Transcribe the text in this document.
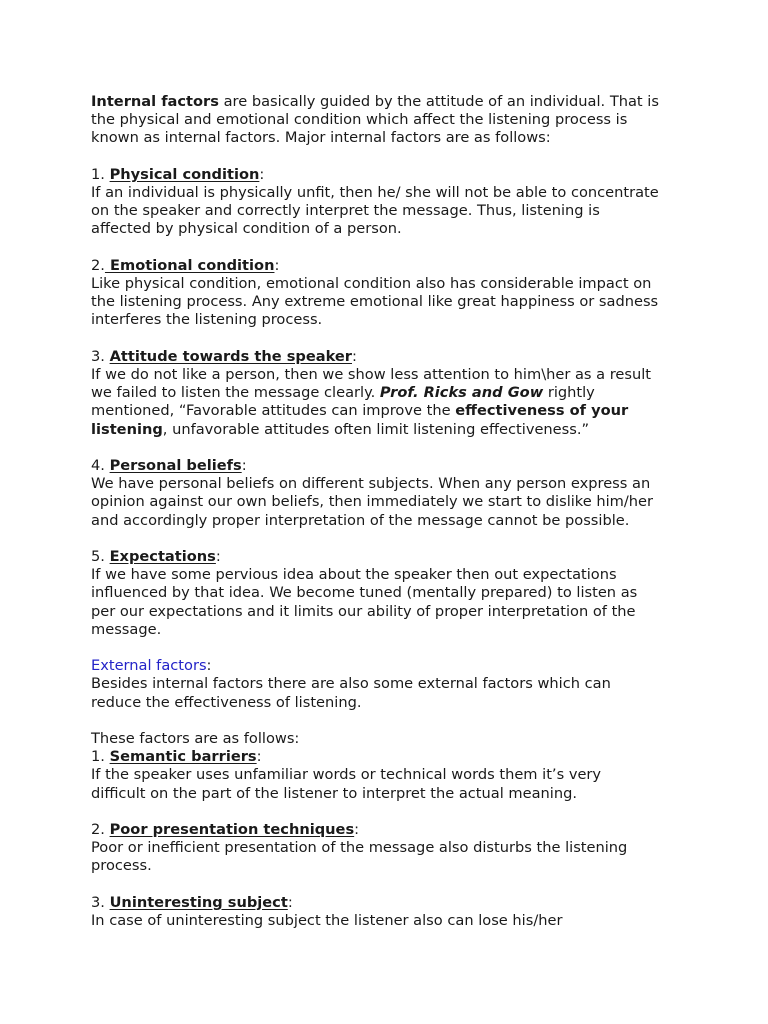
Internal factors are basically guided by the attitude of an individual. That is
the physical and emotional condition which affect the listening process is
known as internal factors. Major internal factors are as follows:

1. Physical condition:
If an individual is physically unfit, then he/ she will not be able to concentrate
on the speaker and correctly interpret the message. Thus, listening is
affected by physical condition of a person.

2. Emotional condition:
Like physical condition, emotional condition also has considerable impact on
the listening process. Any extreme emotional like great happiness or sadness
interferes the listening process.

3. Attitude towards the speaker:
If we do not like a person, then we show less attention to him\her as a result
we failed to listen the message clearly. Prof. Ricks and Gow rightly
mentioned, “Favorable attitudes can improve the effectiveness of your
listening, unfavorable attitudes often limit listening effectiveness.”

4. Personal beliefs:
We have personal beliefs on different subjects. When any person express an
opinion against our own beliefs, then immediately we start to dislike him/her
and accordingly proper interpretation of the message cannot be possible.

5. Expectations:
If we have some pervious idea about the speaker then out expectations
influenced by that idea. We become tuned (mentally prepared) to listen as
per our expectations and it limits our ability of proper interpretation of the
message.

External factors:
Besides internal factors there are also some external factors which can
reduce the effectiveness of listening.

These factors are as follows:

1. Semantic barriers:
If the speaker uses unfamiliar words or technical words them it’s very
difficult on the part of the listener to interpret the actual meaning.

2. Poor presentation techniques:
Poor or inefficient presentation of the message also disturbs the listening
process.

3. Uninteresting subject:
In case of uninteresting subject the listener also can lose his/her
